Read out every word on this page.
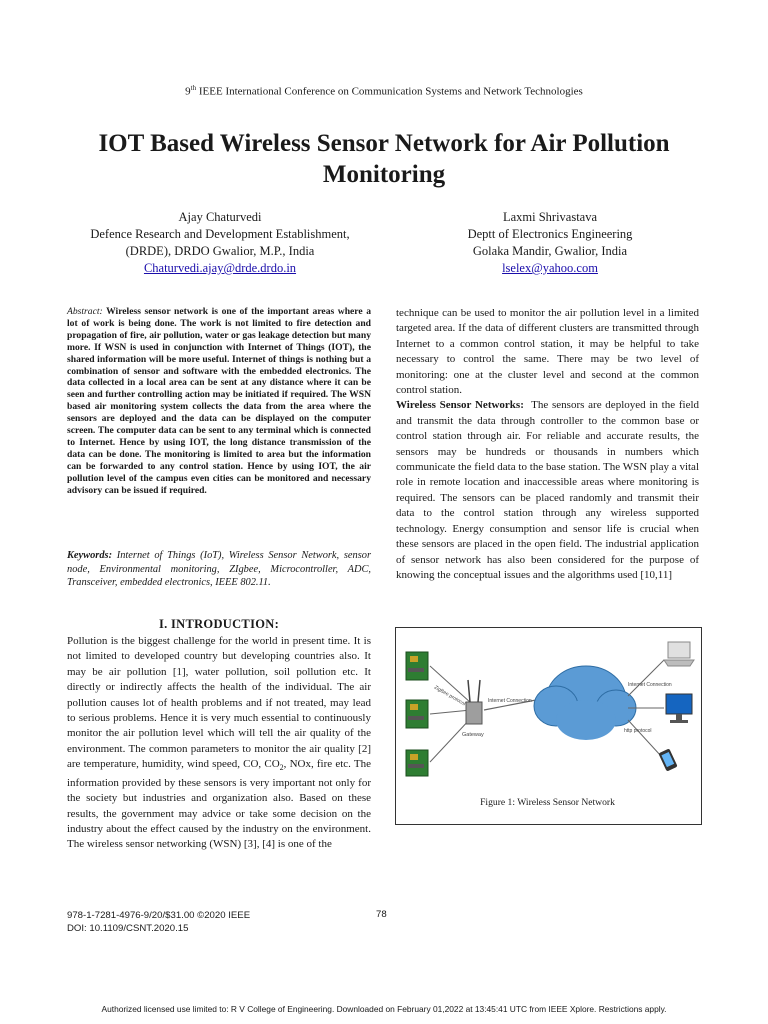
9th IEEE International Conference on Communication Systems and Network Technologies
IOT Based Wireless Sensor Network for Air Pollution Monitoring
Ajay Chaturvedi
Defence Research and Development Establishment,
(DRDE), DRDO Gwalior, M.P., India
Chaturvedi.ajay@drde.drdo.in
Laxmi Shrivastava
Deptt of Electronics Engineering
Golaka Mandir, Gwalior, India
lselex@yahoo.com
Abstract: Wireless sensor network is one of the important areas where a lot of work is being done. The work is not limited to fire detection and propagation of fire, air pollution, water or gas leakage detection but many more. If WSN is used in conjunction with Internet of Things (IOT), the shared information will be more useful. Internet of things is nothing but a combination of sensor and software with the embedded electronics. The data collected in a local area can be sent at any distance where it can be seen and further controlling action may be initiated if required. The WSN based air monitoring system collects the data from the area where the sensors are deployed and the data can be displayed on the computer screen. The computer data can be sent to any terminal which is connected to Internet. Hence by using IOT, the long distance transmission of the data can be done. The monitoring is limited to area but the information can be forwarded to any control station. Hence by using IOT, the air pollution level of the campus even cities can be monitored and necessary advisory can be issued if required.
Keywords: Internet of Things (IoT), Wireless Sensor Network, sensor node, Environmental monitoring, ZIgbee, Microcontroller, ADC, Transceiver, embedded electronics, IEEE 802.11.
I. INTRODUCTION:
Pollution is the biggest challenge for the world in present time. It is not limited to developed country but developing countries also. It may be air pollution [1], water pollution, soil pollution etc. It directly or indirectly affects the health of the individual. The air pollution causes lot of health problems and if not treated, may lead to serious problems. Hence it is very much essential to continuously monitor the air pollution level which will tell the air quality of the environment. The common parameters to monitor the air quality [2] are temperature, humidity, wind speed, CO, $CO_2$, NOx, fire etc. The information provided by these sensors is very important not only for the society but industries and organization also. Based on these results, the government may advice or take some decision on the industry about the effect caused by the industry on the environment. The wireless sensor networking (WSN) [3], [4] is one of the
technique can be used to monitor the air pollution level in a limited targeted area. If the data of different clusters are transmitted through Internet to a common control station, it may be helpful to take necessary to control the same. There may be two level of monitoring: one at the cluster level and second at the common control station.
Wireless Sensor Networks: The sensors are deployed in the field and transmit the data through controller to the common base or control station through air. For reliable and accurate results, the sensors may be hundreds or thousands in numbers which communicate the field data to the base station. The WSN play a vital role in remote location and inaccessible areas where monitoring is required. The sensors can be placed randomly and transmit their data to the control station through any wireless supported technology. Energy consumption and sensor life is crucial when these sensors are placed in the open field. The industrial application of sensor network has also been considered for the purpose of knowing the conceptual issues and the algorithms used [10,11]
ZigBee protocol
Gateway
Internet Connection
Internet Connection
http protocol
Figure 1: Wireless Sensor Network
978-1-7281-4976-9/20/$31.00 ©2020 IEEE
DOI: 10.1109/CSNT.2020.15
78
Authorized licensed use limited to: R V College of Engineering. Downloaded on February 01,2022 at 13:45:41 UTC from IEEE Xplore. Restrictions apply.
